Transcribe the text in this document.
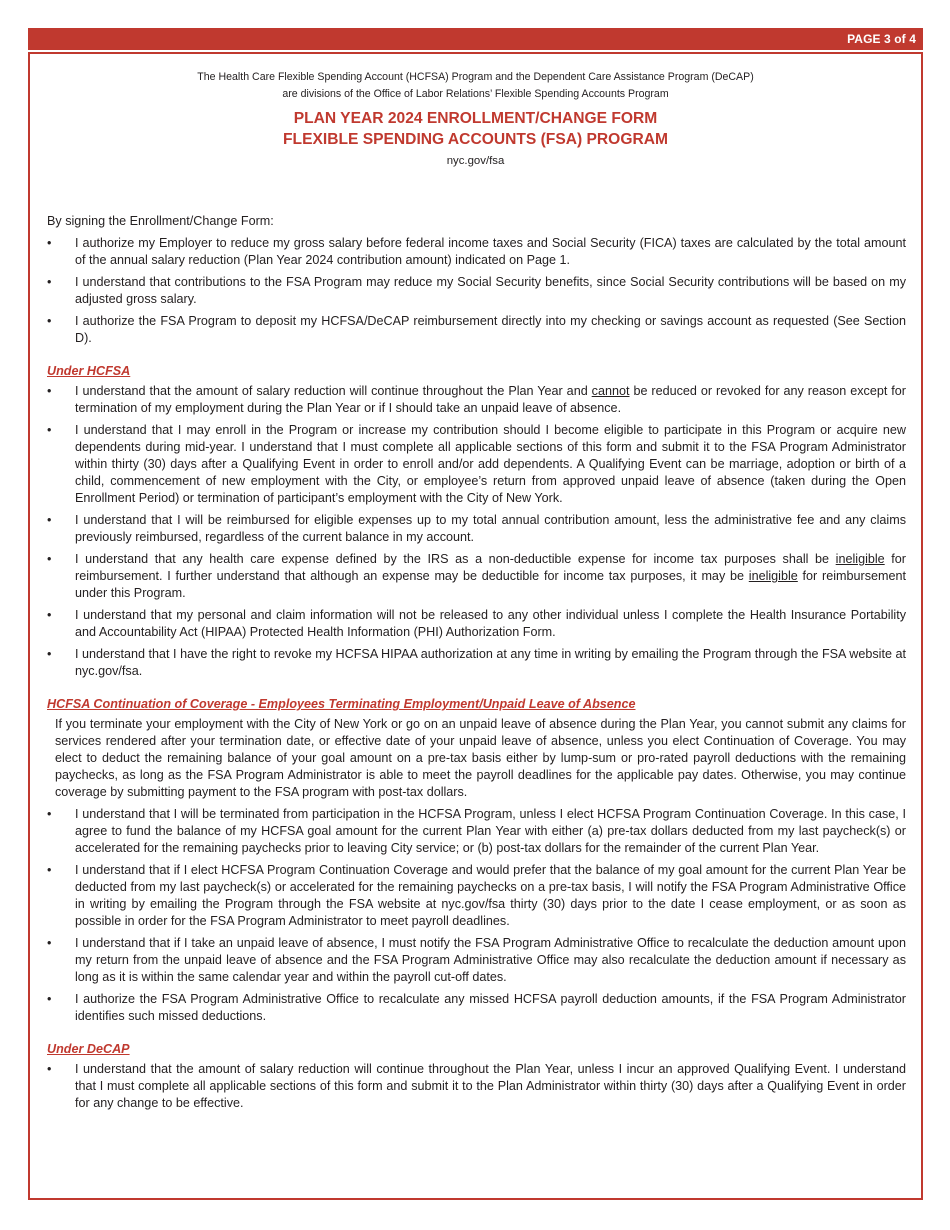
PAGE 3 of 4
The Health Care Flexible Spending Account (HCFSA) Program and the Dependent Care Assistance Program (DeCAP)
are divisions of the Office of Labor Relations’ Flexible Spending Accounts Program
PLAN YEAR 2024 ENROLLMENT/CHANGE FORM
FLEXIBLE SPENDING ACCOUNTS (FSA) PROGRAM
nyc.gov/fsa

By signing the Enrollment/Change Form:

• I authorize my Employer to reduce my gross salary before federal income taxes and Social Security (FICA) taxes are calculated by the total amount of the annual salary reduction (Plan Year 2024 contribution amount) indicated on Page 1.
• I understand that contributions to the FSA Program may reduce my Social Security benefits, since Social Security contributions will be based on my adjusted gross salary.
• I authorize the FSA Program to deposit my HCFSA/DeCAP reimbursement directly into my checking or savings account as requested (See Section D).

Under HCFSA

• I understand that the amount of salary reduction will continue throughout the Plan Year and cannot be reduced or revoked for any reason except for termination of my employment during the Plan Year or if I should take an unpaid leave of absence.
• I understand that I may enroll in the Program or increase my contribution should I become eligible to participate in this Program or acquire new dependents during mid-year. I understand that I must complete all applicable sections of this form and submit it to the FSA Program Administrator within thirty (30) days after a Qualifying Event in order to enroll and/or add dependents. A Qualifying Event can be marriage, adoption or birth of a child, commencement of new employment with the City, or employee’s return from approved unpaid leave of absence (taken during the Open Enrollment Period) or termination of participant’s employment with the City of New York.
• I understand that I will be reimbursed for eligible expenses up to my total annual contribution amount, less the administrative fee and any claims previously reimbursed, regardless of the current balance in my account.
• I understand that any health care expense defined by the IRS as a non-deductible expense for income tax purposes shall be ineligible for reimbursement. I further understand that although an expense may be deductible for income tax purposes, it may be ineligible for reimbursement under this Program.
• I understand that my personal and claim information will not be released to any other individual unless I complete the Health Insurance Portability and Accountability Act (HIPAA) Protected Health Information (PHI) Authorization Form.
• I understand that I have the right to revoke my HCFSA HIPAA authorization at any time in writing by emailing the Program through the FSA website at nyc.gov/fsa.

HCFSA Continuation of Coverage - Employees Terminating Employment/Unpaid Leave of Absence

If you terminate your employment with the City of New York or go on an unpaid leave of absence during the Plan Year, you cannot submit any claims for services rendered after your termination date, or effective date of your unpaid leave of absence, unless you elect Continuation of Coverage. You may elect to deduct the remaining balance of your goal amount on a pre-tax basis either by lump-sum or pro-rated payroll deductions with the remaining paychecks, as long as the FSA Program Administrator is able to meet the payroll deadlines for the applicable pay dates. Otherwise, you may continue coverage by submitting payment to the FSA program with post-tax dollars.

• I understand that I will be terminated from participation in the HCFSA Program, unless I elect HCFSA Program Continuation Coverage. In this case, I agree to fund the balance of my HCFSA goal amount for the current Plan Year with either (a) pre-tax dollars deducted from my last paycheck(s) or accelerated for the remaining paychecks prior to leaving City service; or (b) post-tax dollars for the remainder of the current Plan Year.
• I understand that if I elect HCFSA Program Continuation Coverage and would prefer that the balance of my goal amount for the current Plan Year be deducted from my last paycheck(s) or accelerated for the remaining paychecks on a pre-tax basis, I will notify the FSA Program Administrative Office in writing by emailing the Program through the FSA website at nyc.gov/fsa thirty (30) days prior to the date I cease employment, or as soon as possible in order for the FSA Program Administrator to meet payroll deadlines.
• I understand that if I take an unpaid leave of absence, I must notify the FSA Program Administrative Office to recalculate the deduction amount upon my return from the unpaid leave of absence and the FSA Program Administrative Office may also recalculate the deduction amount if necessary as long as it is within the same calendar year and within the payroll cut-off dates.
• I authorize the FSA Program Administrative Office to recalculate any missed HCFSA payroll deduction amounts, if the FSA Program Administrator identifies such missed deductions.

Under DeCAP

• I understand that the amount of salary reduction will continue throughout the Plan Year, unless I incur an approved Qualifying Event. I understand that I must complete all applicable sections of this form and submit it to the Plan Administrator within thirty (30) days after a Qualifying Event in order for any change to be effective.
